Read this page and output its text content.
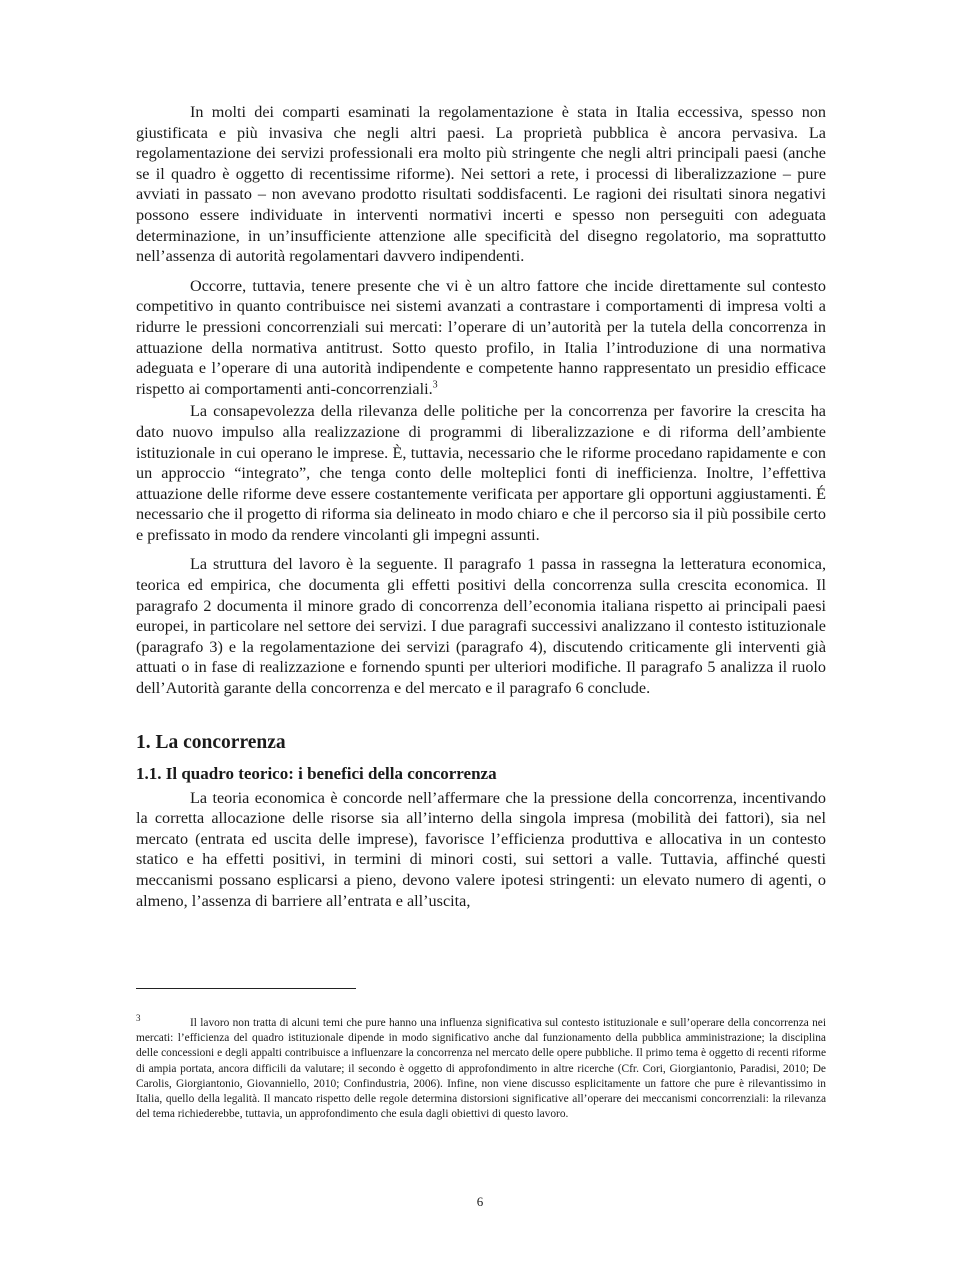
In molti dei comparti esaminati la regolamentazione è stata in Italia eccessiva, spesso non giustificata e più invasiva che negli altri paesi. La proprietà pubblica è ancora pervasiva. La regolamentazione dei servizi professionali era molto più stringente che negli altri principali paesi (anche se il quadro è oggetto di recentissime riforme). Nei settori a rete, i processi di liberalizzazione – pure avviati in passato – non avevano prodotto risultati soddisfacenti. Le ragioni dei risultati sinora negativi possono essere individuate in interventi normativi incerti e spesso non perseguiti con adeguata determinazione, in un’insufficiente attenzione alle specificità del disegno regolatorio, ma soprattutto nell’assenza di autorità regolamentari davvero indipendenti.

Occorre, tuttavia, tenere presente che vi è un altro fattore che incide direttamente sul contesto competitivo in quanto contribuisce nei sistemi avanzati a contrastare i comportamenti di impresa volti a ridurre le pressioni concorrenziali sui mercati: l’operare di un’autorità per la tutela della concorrenza in attuazione della normativa antitrust. Sotto questo profilo, in Italia l’introduzione di una normativa adeguata e l’operare di una autorità indipendente e competente hanno rappresentato un presidio efficace rispetto ai comportamenti anti-concorrenziali.$^3$

La consapevolezza della rilevanza delle politiche per la concorrenza per favorire la crescita ha dato nuovo impulso alla realizzazione di programmi di liberalizzazione e di riforma dell’ambiente istituzionale in cui operano le imprese. È, tuttavia, necessario che le riforme procedano rapidamente e con un approccio “integrato”, che tenga conto delle molteplici fonti di inefficienza. Inoltre, l’effettiva attuazione delle riforme deve essere costantemente verificata per apportare gli opportuni aggiustamenti. É necessario che il progetto di riforma sia delineato in modo chiaro e che il percorso sia il più possibile certo e prefissato in modo da rendere vincolanti gli impegni assunti.

La struttura del lavoro è la seguente. Il paragrafo 1 passa in rassegna la letteratura economica, teorica ed empirica, che documenta gli effetti positivi della concorrenza sulla crescita economica. Il paragrafo 2 documenta il minore grado di concorrenza dell’economia italiana rispetto ai principali paesi europei, in particolare nel settore dei servizi. I due paragrafi successivi analizzano il contesto istituzionale (paragrafo 3) e la regolamentazione dei servizi (paragrafo 4), discutendo criticamente gli interventi già attuati o in fase di realizzazione e fornendo spunti per ulteriori modifiche. Il paragrafo 5 analizza il ruolo dell’Autorità garante della concorrenza e del mercato e il paragrafo 6 conclude.

1. La concorrenza
1.1. Il quadro teorico: i benefici della concorrenza

La teoria economica è concorde nell’affermare che la pressione della concorrenza, incentivando la corretta allocazione delle risorse sia all’interno della singola impresa (mobilità dei fattori), sia nel mercato (entrata ed uscita delle imprese), favorisce l’efficienza produttiva e allocativa in un contesto statico e ha effetti positivi, in termini di minori costi, sui settori a valle. Tuttavia, affinché questi meccanismi possano esplicarsi a pieno, devono valere ipotesi stringenti: un elevato numero di agenti, o almeno, l’assenza di barriere all’entrata e all’uscita,

3	Il lavoro non tratta di alcuni temi che pure hanno una influenza significativa sul contesto istituzionale e sull’operare della concorrenza nei mercati: l’efficienza del quadro istituzionale dipende in modo significativo anche dal funzionamento della pubblica amministrazione; la disciplina delle concessioni e degli appalti contribuisce a influenzare la concorrenza nel mercato delle opere pubbliche. Il primo tema è oggetto di recenti riforme di ampia portata, ancora difficili da valutare; il secondo è oggetto di approfondimento in altre ricerche (Cfr. Cori, Giorgiantonio, Paradisi, 2010; De Carolis, Giorgiantonio, Giovanniello, 2010; Confindustria, 2006). Infine, non viene discusso esplicitamente un fattore che pure è rilevantissimo in Italia, quello della legalità. Il mancato rispetto delle regole determina distorsioni significative all’operare dei meccanismi concorrenziali: la rilevanza del tema richiederebbe, tuttavia, un approfondimento che esula dagli obiettivi di questo lavoro.

6
